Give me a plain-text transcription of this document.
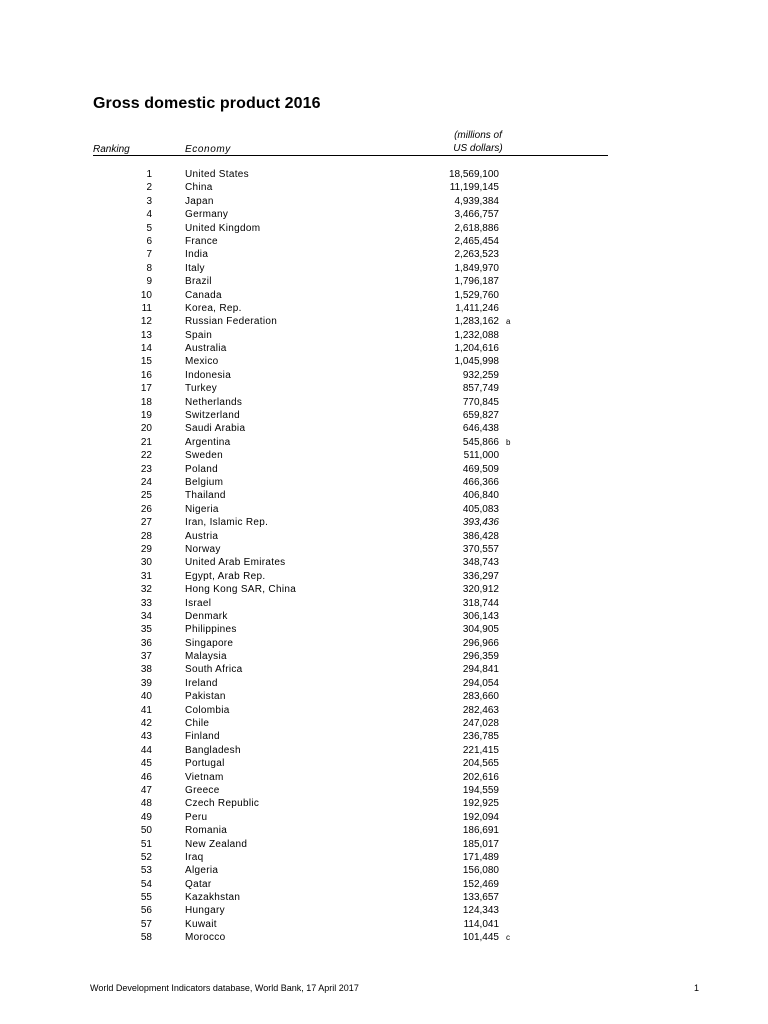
Gross domestic product 2016
Ranking	Economy
(millions of
US dollars)
1	United States	18,569,100
2	China	11,199,145
3	Japan	4,939,384
4	Germany	3,466,757
5	United Kingdom	2,618,886
6	France	2,465,454
7	India	2,263,523
8	Italy	1,849,970
9	Brazil	1,796,187
10	Canada	1,529,760
11	Korea, Rep.	1,411,246
12	Russian Federation	1,283,162 a
13	Spain	1,232,088
14	Australia	1,204,616
15	Mexico	1,045,998
16	Indonesia	932,259
17	Turkey	857,749
18	Netherlands	770,845
19	Switzerland	659,827
20	Saudi Arabia	646,438
21	Argentina	545,866 b
22	Sweden	511,000
23	Poland	469,509
24	Belgium	466,366
25	Thailand	406,840
26	Nigeria	405,083
27	Iran, Islamic Rep.	393,436
28	Austria	386,428
29	Norway	370,557
30	United Arab Emirates	348,743
31	Egypt, Arab Rep.	336,297
32	Hong Kong SAR, China	320,912
33	Israel	318,744
34	Denmark	306,143
35	Philippines	304,905
36	Singapore	296,966
37	Malaysia	296,359
38	South Africa	294,841
39	Ireland	294,054
40	Pakistan	283,660
41	Colombia	282,463
42	Chile	247,028
43	Finland	236,785
44	Bangladesh	221,415
45	Portugal	204,565
46	Vietnam	202,616
47	Greece	194,559
48	Czech Republic	192,925
49	Peru	192,094
50	Romania	186,691
51	New Zealand	185,017
52	Iraq	171,489
53	Algeria	156,080
54	Qatar	152,469
55	Kazakhstan	133,657
56	Hungary	124,343
57	Kuwait	114,041
58	Morocco	101,445 c
World Development Indicators database, World Bank, 17 April 2017	1
